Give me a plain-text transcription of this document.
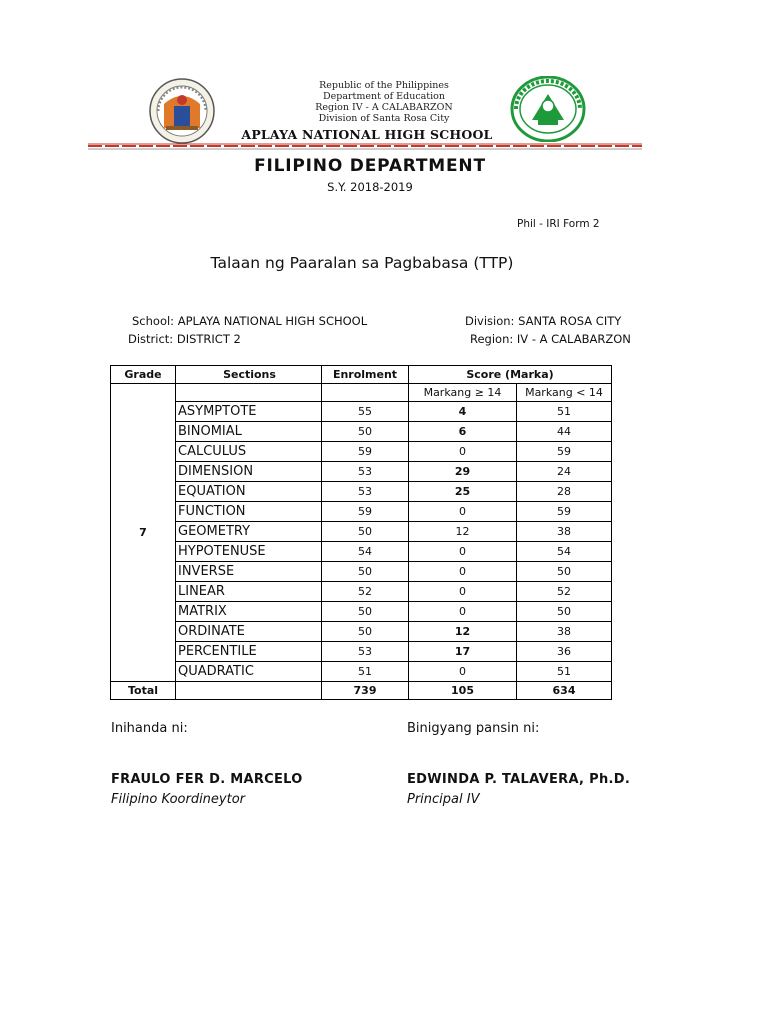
Republic of the Philippines
Department of Education
Region IV - A CALABARZON
Division of Santa Rosa City
APLAYA NATIONAL HIGH SCHOOL
FILIPINO DEPARTMENT
S.Y. 2018-2019
Phil - IRI Form 2
Talaan ng Paaralan sa Pagbabasa (TTP)
School: APLAYA NATIONAL HIGH SCHOOL
District: DISTRICT 2
Division: SANTA ROSA CITY
Region: IV - A CALABARZON
Grade	Sections	Enrolment	Score (Marka)	
7			Markang ≥ 14	Markang < 14
	ASYMPTOTE	55	4	51
	BINOMIAL	50	6	44
	CALCULUS	59	0	59
	DIMENSION	53	29	24
	EQUATION	53	25	28
	FUNCTION	59	0	59
	GEOMETRY	50	12	38
	HYPOTENUSE	54	0	54
	INVERSE	50	0	50
	LINEAR	52	0	52
	MATRIX	50	0	50
	ORDINATE	50	12	38
	PERCENTILE	53	17	36
	QUADRATIC	51	0	51
Total		739	105	634
Inihanda ni:	Binigyang pansin ni:
FRAULO FER D. MARCELO
Filipino Koordineytor
EDWINDA P. TALAVERA, Ph.D.
Principal IV
